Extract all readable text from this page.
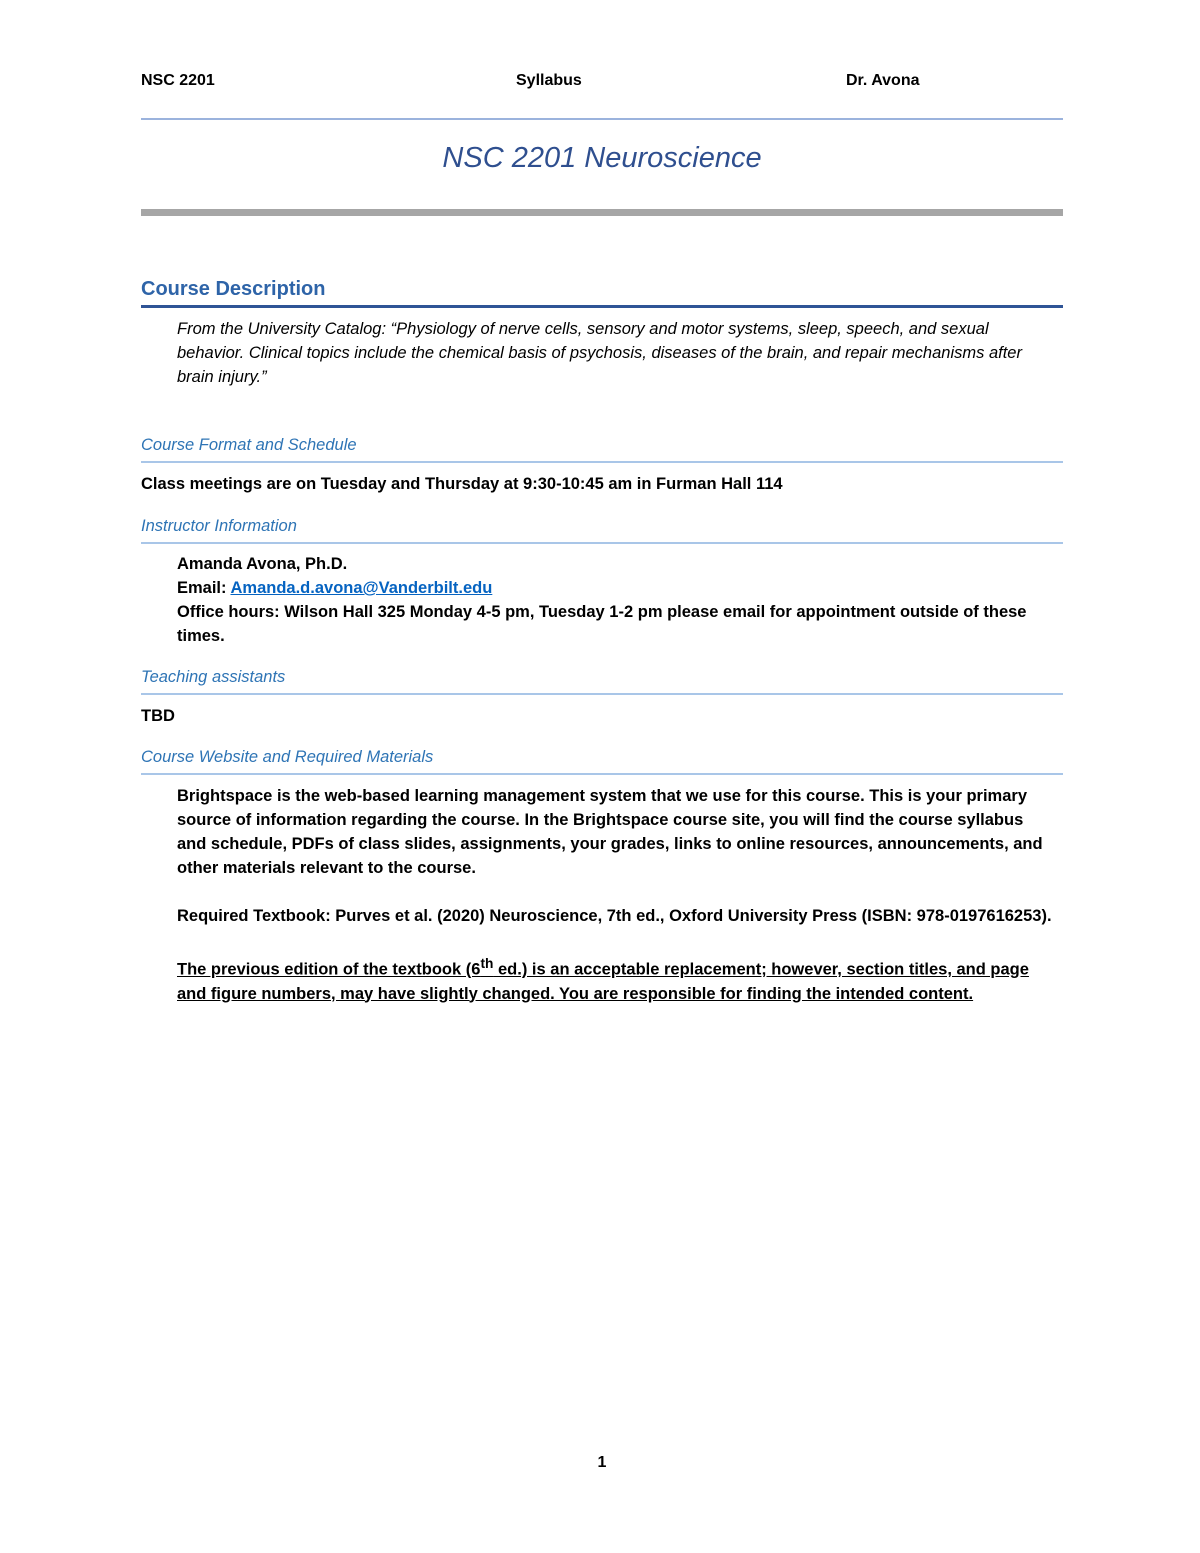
NSC 2201	Syllabus	Dr. Avona
NSC 2201 Neuroscience
Course Description
From the University Catalog: “Physiology of nerve cells, sensory and motor systems, sleep, speech, and sexual behavior. Clinical topics include the chemical basis of psychosis, diseases of the brain, and repair mechanisms after brain injury.”
Course Format and Schedule
Class meetings are on Tuesday and Thursday at 9:30-10:45 am in Furman Hall 114
Instructor Information
Amanda Avona, Ph.D.
Email: Amanda.d.avona@Vanderbilt.edu
Office hours: Wilson Hall 325 Monday 4-5 pm, Tuesday 1-2 pm please email for appointment outside of these times.
Teaching assistants
TBD
Course Website and Required Materials
Brightspace is the web-based learning management system that we use for this course. This is your primary source of information regarding the course. In the Brightspace course site, you will find the course syllabus and schedule, PDFs of class slides, assignments, your grades, links to online resources, announcements, and other materials relevant to the course.
Required Textbook: Purves et al. (2020) Neuroscience, 7th ed., Oxford University Press (ISBN: 978-0197616253).
The previous edition of the textbook (6th ed.) is an acceptable replacement; however, section titles, and page and figure numbers, may have slightly changed. You are responsible for finding the intended content.
1
